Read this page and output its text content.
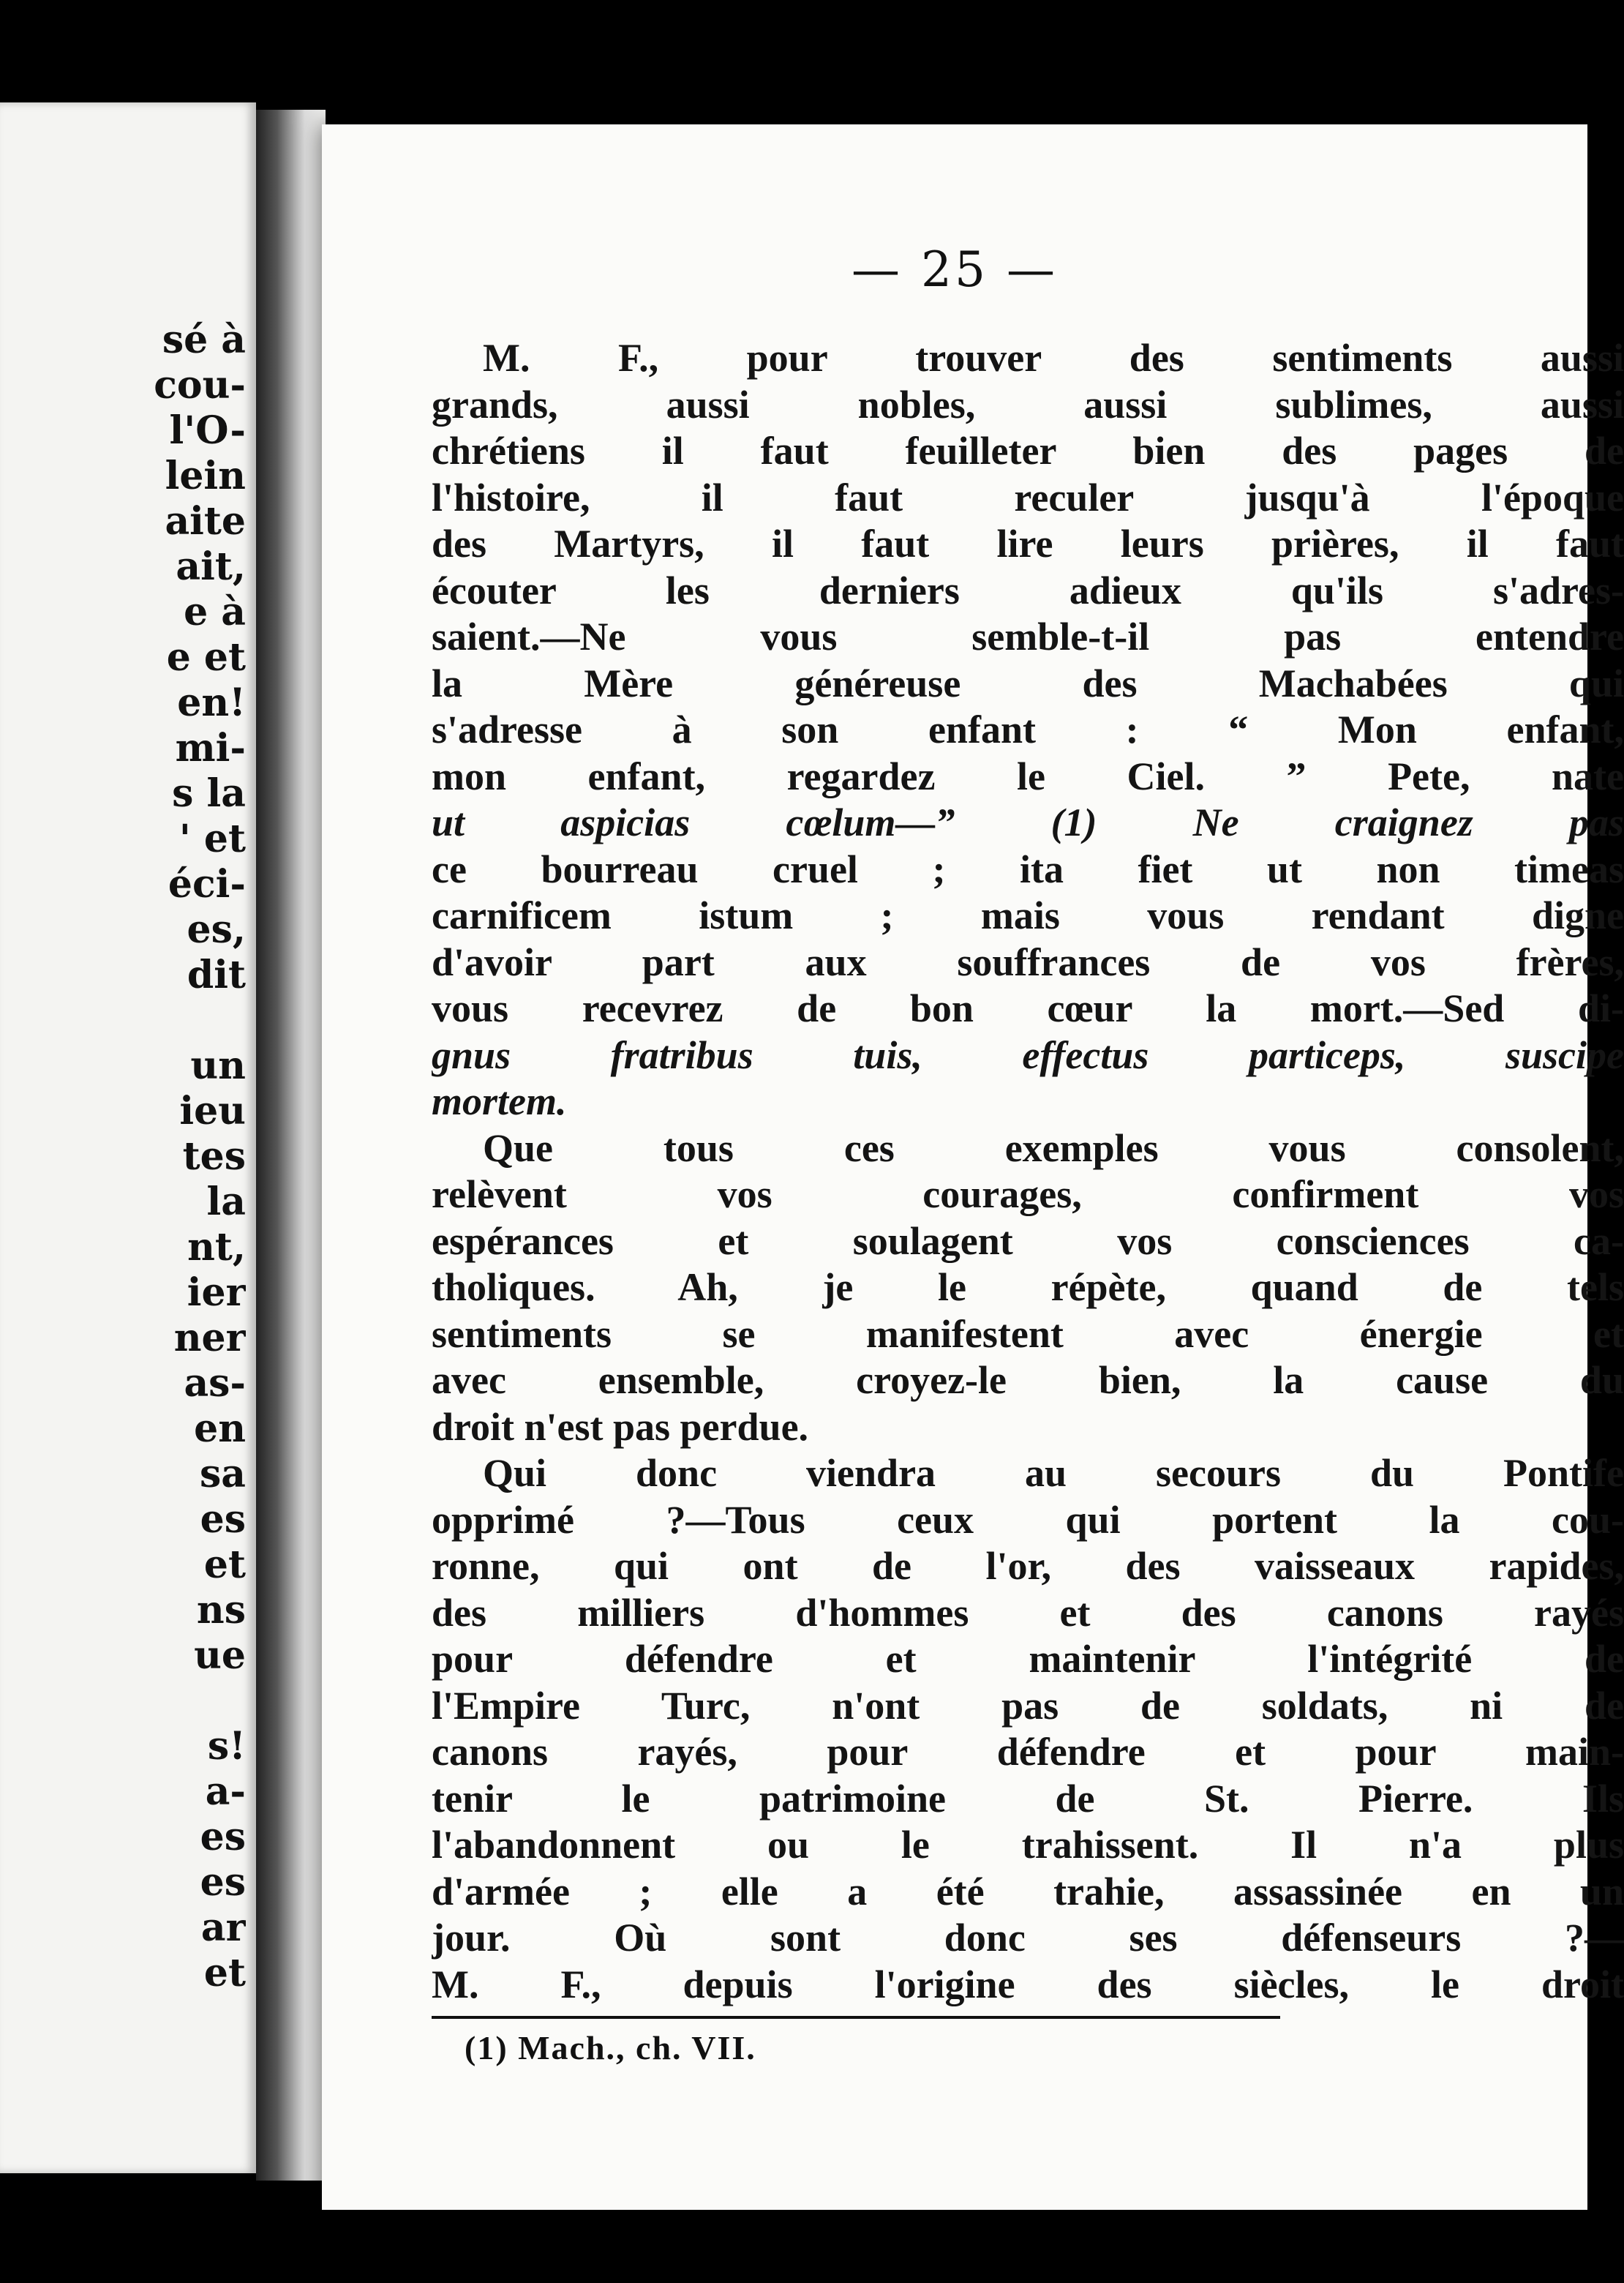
sé à
cou-
l'O-
lein
aite
ait,
e à
e et
en!
mi-
s la
' et
éci-
es,
dit
un
ieu
tes
la
nt,
ier
ner
as-
en
sa
es
et
ns
ue
s!
a-
es
es
ar
et
— 25 —
M. F., pour trouver des sentiments aussi
grands, aussi nobles, aussi sublimes, aussi
chrétiens il faut feuilleter bien des pages de
l'histoire, il faut reculer jusqu'à l'époque
des Martyrs, il faut lire leurs prières, il faut
écouter les derniers adieux qu'ils s'adres-
saient.—Ne vous semble-t-il pas entendre
la Mère généreuse des Machabées qui
s'adresse à son enfant : “ Mon enfant,
mon enfant, regardez le Ciel. ” Pete, nate
ut aspicias cœlum—” (1) Ne craignez pas
ce bourreau cruel ; ita fiet ut non timeas
carnificem istum ; mais vous rendant digne
d'avoir part aux souffrances de vos frères,
vous recevrez de bon cœur la mort.—Sed di-
gnus fratribus tuis, effectus particeps, suscipe
mortem.
Que tous ces exemples vous consolent,
relèvent vos courages, confirment vos
espérances et soulagent vos consciences ca-
tholiques. Ah, je le répète, quand de tels
sentiments se manifestent avec énergie et
avec ensemble, croyez-le bien, la cause du
droit n'est pas perdue.
Qui donc viendra au secours du Pontife
opprimé ?—Tous ceux qui portent la cou-
ronne, qui ont de l'or, des vaisseaux rapides,
des milliers d'hommes et des canons rayés
pour défendre et maintenir l'intégrité de
l'Empire Turc, n'ont pas de soldats, ni de
canons rayés, pour défendre et pour main-
tenir le patrimoine de St. Pierre. Ils
l'abandonnent ou le trahissent. Il n'a plus
d'armée ; elle a été trahie, assassinée en un
jour. Où sont donc ses défenseurs ?—
M. F., depuis l'origine des siècles, le droit
(1) Mach., ch. VII.
